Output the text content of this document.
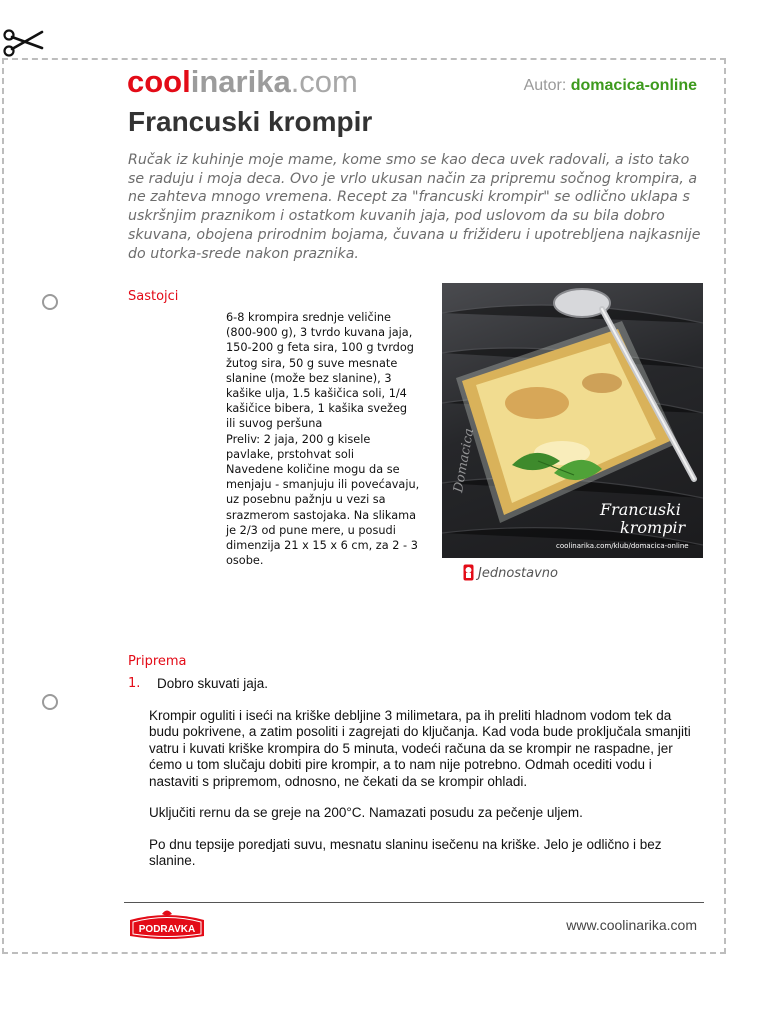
coolinarika.com	Autor: domacica-online
Francuski krompir

Ručak iz kuhinje moje mame, kome smo se kao deca uvek radovali, a isto tako se raduju i moja deca. Ovo je vrlo ukusan način za pripremu sočnog krompira, a ne zahteva mnogo vremena. Recept za "francuski krompir" se odlično uklapa s uskršnjim praznikom i ostatkom kuvanih jaja, pod uslovom da su bila dobro skuvana, obojena prirodnim bojama, čuvana u frižideru i upotrebljena najkasnije do utorka-srede nakon praznika.

Sastojci
6-8 krompira srednje veličine (800-900 g), 3 tvrdo kuvana jaja, 150-200 g feta sira, 100 g tvrdog žutog sira, 50 g suve mesnate slanine (može bez slanine), 3 kašike ulja, 1.5 kašičica soli, 1/4 kašičice bibera, 1 kašika svežeg ili suvog peršuna
Preliv: 2 jaja, 200 g kisele pavlake, prstohvat soli
Navedene količine mogu da se menjaju - smanjuju ili povećavaju, uz posebnu pažnju u vezi sa srazmerom sastojaka. Na slikama je 2/3 od pune mere, u posudi dimenzija 21 x 15 x 6 cm, za 2 - 3 osobe.
Domacica
Francuski
krompir
coolinarika.com/klub/domacica-online
Jednostavno
Priprema
1. Dobro skuvati jaja.

Krompir oguliti i iseći na kriške debljine 3 milimetara, pa ih preliti hladnom vodom tek da budu pokrivene, a zatim posoliti i zagrejati do ključanja. Kad voda bude proključala smanjiti vatru i kuvati kriške krompira do 5 minuta, vodeći računa da se krompir ne raspadne, jer ćemo u tom slučaju dobiti pire krompir, a to nam nije potrebno. Odmah ocediti vodu i nastaviti s pripremom, odnosno, ne čekati da se krompir ohladi.

Uključiti rernu da se greje na 200°C. Namazati posudu za pečenje uljem.

Po dnu tepsije poredjati suvu, mesnatu slaninu isečenu na kriške. Jelo je odlično i bez slanine.

PODRAVKA	www.coolinarika.com
